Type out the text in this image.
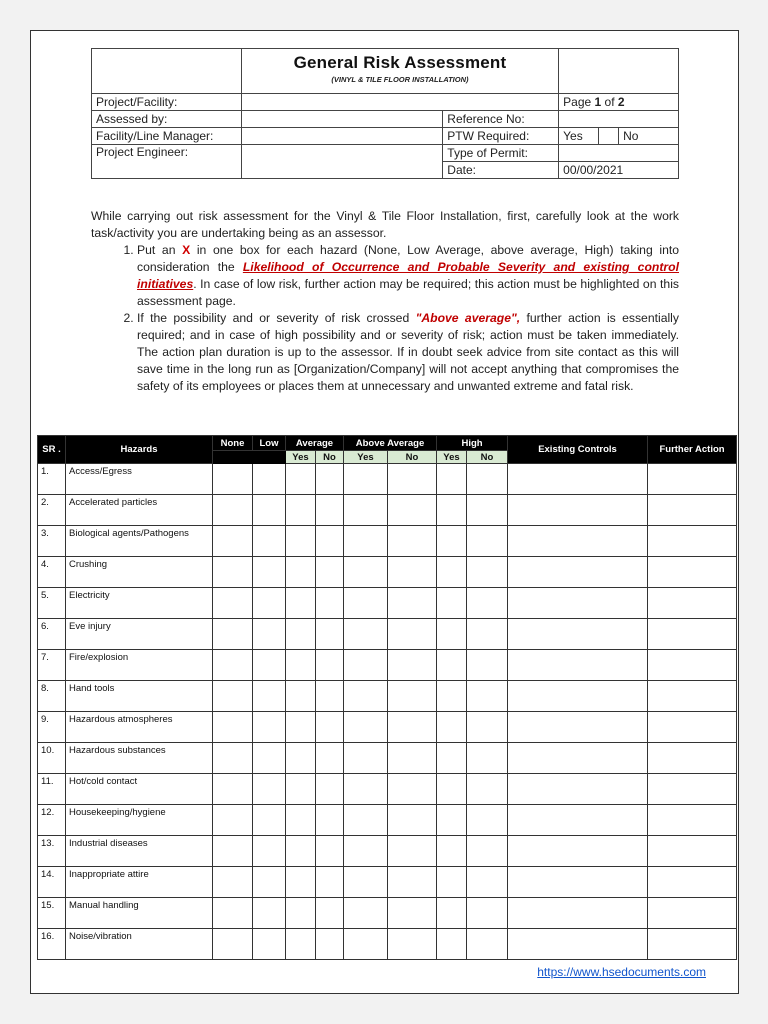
	General Risk Assessment
(VINYL & TILE FLOOR INSTALLATION)				

Project/Facility:			Page 1 of 2		
Assessed by:		Reference No:			
Facility/Line Manager:		PTW Required:	Yes		No
Project Engineer:		Type of Permit:			
		Date:	00/00/2021		

While carrying out risk assessment for the Vinyl & Tile Floor Installation, first, carefully look at the work task/activity you are undertaking being as an assessor.

1. Put an X in one box for each hazard (None, Low Average, above average, High) taking into consideration the Likelihood of Occurrence and Probable Severity and existing control initiatives. In case of low risk, further action may be required; this action must be highlighted on this assessment page.
2. If the possibility and or severity of risk crossed "Above average", further action is essentially required; and in case of high possibility and or severity of risk; action must be taken immediately. The action plan duration is up to the assessor. If in doubt seek advice from site contact as this will save time in the long run as [Organization/Company] will not accept anything that compromises the safety of its employees or places them at unnecessary and unwanted extreme and fatal risk.
SR .	Hazards	None	Low	Average		Above Average		High		Existing Controls	Further Action
				Yes	No	Yes	No	Yes	No		
1.	Access/Egress										
2.	Accelerated particles										
3.	Biological agents/Pathogens										
4.	Crushing										
5.	Electricity										
6.	Eve injury										
7.	Fire/explosion										
8.	Hand tools										
9.	Hazardous atmospheres										
10.	Hazardous substances										
11.	Hot/cold contact										
12.	Housekeeping/hygiene										
13.	Industrial diseases										
14.	Inappropriate attire										
15.	Manual handling										
16.	Noise/vibration										
https://www.hsedocuments.com
